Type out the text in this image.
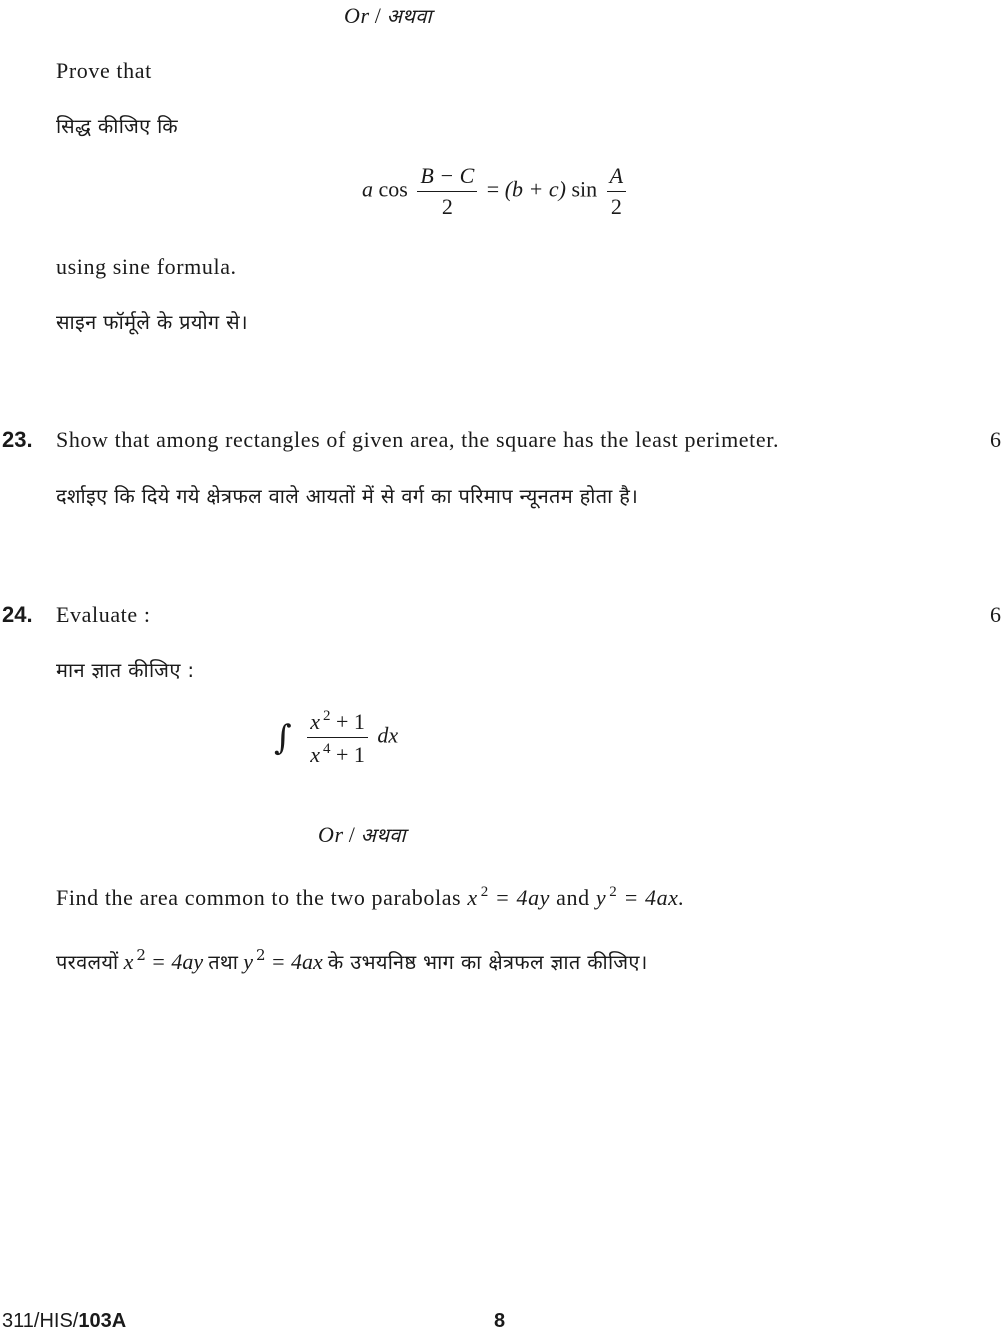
Or / अथवा
Prove that
सिद्ध कीजिए कि
a $\cos \frac{B - C}{2} = (b + c)$ $\sin \frac{A}{2}$
using sine formula.
साइन फॉर्मूले के प्रयोग से।
23. Show that among rectangles of given area, the square has the least perimeter.	6
दर्शाइए कि दिये गये क्षेत्रफल वाले आयतों में से वर्ग का परिमाप न्यूनतम होता है।
24. Evaluate :	6
मान ज्ञात कीजिए :
∫ $\frac{x ^2 + 1}{x ^4 + 1}$ dx
Or / अथवा
Find the area common to the two parabolas x $^2$ = 4ay and y $^2$ = 4ax.
परवलयों x $^2$ = 4ay तथा y $^2$ = 4ax के उभयनिष्ठ भाग का क्षेत्रफल ज्ञात कीजिए।
311/HIS/103A	8
